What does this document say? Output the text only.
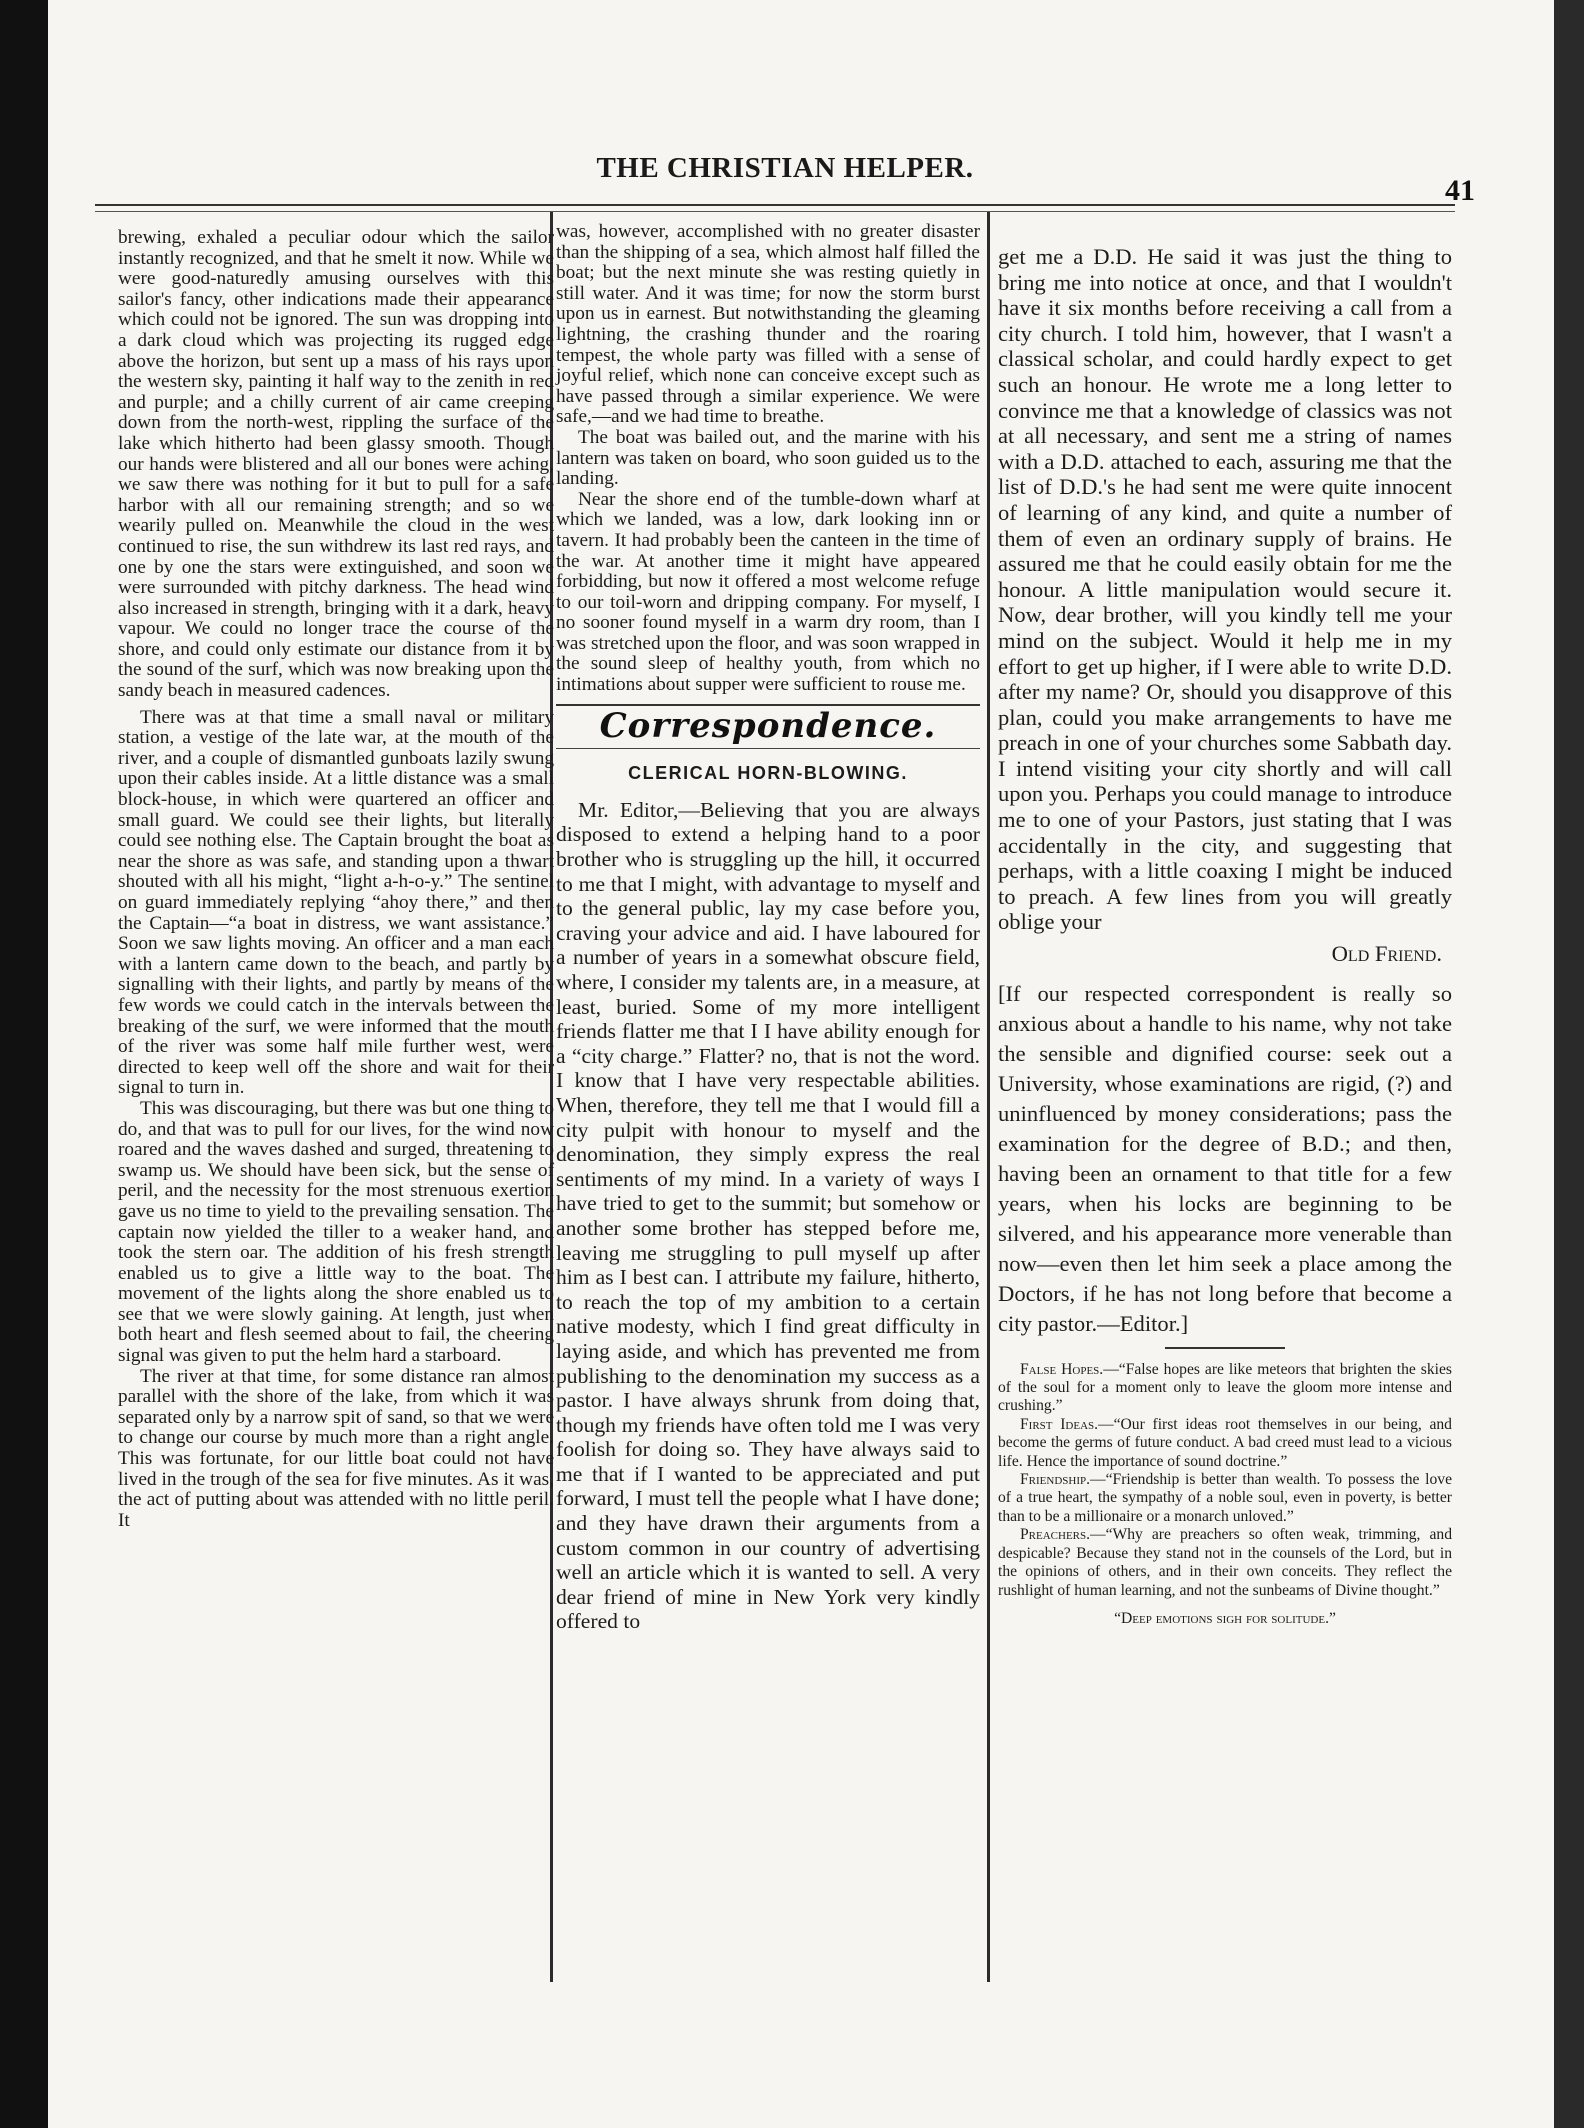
THE CHRISTIAN HELPER.
41

brewing, exhaled a peculiar odour which the sailor instantly recognized, and that he smelt it now. While we were good-naturedly amusing ourselves with this sailor's fancy, other indications made their appearance which could not be ignored. The sun was dropping into a dark cloud which was projecting its rugged edge above the horizon, but sent up a mass of his rays upon the western sky, painting it half way to the zenith in red and purple; and a chilly current of air came creeping down from the north-west, rippling the surface of the lake which hitherto had been glassy smooth. Though our hands were blistered and all our bones were aching, we saw there was nothing for it but to pull for a safe harbor with all our remaining strength; and so we wearily pulled on. Meanwhile the cloud in the west continued to rise, the sun withdrew its last red rays, and one by one the stars were extinguished, and soon we were surrounded with pitchy darkness. The head wind also increased in strength, bringing with it a dark, heavy vapour. We could no longer trace the course of the shore, and could only estimate our distance from it by the sound of the surf, which was now breaking upon the sandy beach in measured cadences.

There was at that time a small naval or military station, a vestige of the late war, at the mouth of the river, and a couple of dismantled gunboats lazily swung upon their cables inside. At a little distance was a small block-house, in which were quartered an officer and small guard. We could see their lights, but literally could see nothing else. The Captain brought the boat as near the shore as was safe, and standing upon a thwart shouted with all his might, “light a-h-o-y.” The sentinel on guard immediately replying “ahoy there,” and then the Captain—“a boat in distress, we want assistance.” Soon we saw lights moving. An officer and a man each with a lantern came down to the beach, and partly by signalling with their lights, and partly by means of the few words we could catch in the intervals between the breaking of the surf, we were informed that the mouth of the river was some half mile further west, were directed to keep well off the shore and wait for their signal to turn in.

This was discouraging, but there was but one thing to do, and that was to pull for our lives, for the wind now roared and the waves dashed and surged, threatening to swamp us. We should have been sick, but the sense of peril, and the necessity for the most strenuous exertion gave us no time to yield to the prevailing sensation. The captain now yielded the tiller to a weaker hand, and took the stern oar. The addition of his fresh strength enabled us to give a little way to the boat. The movement of the lights along the shore enabled us to see that we were slowly gaining. At length, just when both heart and flesh seemed about to fail, the cheering signal was given to put the helm hard a starboard.

The river at that time, for some distance ran almost parallel with the shore of the lake, from which it was separated only by a narrow spit of sand, so that we were to change our course by much more than a right angle. This was fortunate, for our little boat could not have lived in the trough of the sea for five minutes. As it was, the act of putting about was attended with no little peril. It

was, however, accomplished with no greater disaster than the shipping of a sea, which almost half filled the boat; but the next minute she was resting quietly in still water. And it was time; for now the storm burst upon us in earnest. But notwithstanding the gleaming lightning, the crashing thunder and the roaring tempest, the whole party was filled with a sense of joyful relief, which none can conceive except such as have passed through a similar experience. We were safe,—and we had time to breathe.

The boat was bailed out, and the marine with his lantern was taken on board, who soon guided us to the landing.

Near the shore end of the tumble-down wharf at which we landed, was a low, dark looking inn or tavern. It had probably been the canteen in the time of the war. At another time it might have appeared forbidding, but now it offered a most welcome refuge to our toil-worn and dripping company. For myself, I no sooner found myself in a warm dry room, than I was stretched upon the floor, and was soon wrapped in the sound sleep of healthy youth, from which no intimations about supper were sufficient to rouse me.

Correspondence.
CLERICAL HORN-BLOWING.

Mr. Editor,—Believing that you are always disposed to extend a helping hand to a poor brother who is struggling up the hill, it occurred to me that I might, with advantage to myself and to the general public, lay my case before you, craving your advice and aid. I have laboured for a number of years in a somewhat obscure field, where, I consider my talents are, in a measure, at least, buried. Some of my more intelligent friends flatter me that I I have ability enough for a “city charge.” Flatter? no, that is not the word. I know that I have very respectable abilities. When, therefore, they tell me that I would fill a city pulpit with honour to myself and the denomination, they simply express the real sentiments of my mind. In a variety of ways I have tried to get to the summit; but somehow or another some brother has stepped before me, leaving me struggling to pull myself up after him as I best can. I attribute my failure, hitherto, to reach the top of my ambition to a certain native modesty, which I find great difficulty in laying aside, and which has prevented me from publishing to the denomination my success as a pastor. I have always shrunk from doing that, though my friends have often told me I was very foolish for doing so. They have always said to me that if I wanted to be appreciated and put forward, I must tell the people what I have done; and they have drawn their arguments from a custom common in our country of advertising well an article which it is wanted to sell. A very dear friend of mine in New York very kindly offered to

get me a D.D. He said it was just the thing to bring me into notice at once, and that I wouldn't have it six months before receiving a call from a city church. I told him, however, that I wasn't a classical scholar, and could hardly expect to get such an honour. He wrote me a long letter to convince me that a knowledge of classics was not at all necessary, and sent me a string of names with a D.D. attached to each, assuring me that the list of D.D.'s he had sent me were quite innocent of learning of any kind, and quite a number of them of even an ordinary supply of brains. He assured me that he could easily obtain for me the honour. A little manipulation would secure it. Now, dear brother, will you kindly tell me your mind on the subject. Would it help me in my effort to get up higher, if I were able to write D.D. after my name? Or, should you disapprove of this plan, could you make arrangements to have me preach in one of your churches some Sabbath day. I intend visiting your city shortly and will call upon you. Perhaps you could manage to introduce me to one of your Pastors, just stating that I was accidentally in the city, and suggesting that perhaps, with a little coaxing I might be induced to preach. A few lines from you will greatly oblige your

Old Friend.

[If our respected correspondent is really so anxious about a handle to his name, why not take the sensible and dignified course: seek out a University, whose examinations are rigid, (?) and uninfluenced by money considerations; pass the examination for the degree of B.D.; and then, having been an ornament to that title for a few years, when his locks are beginning to be silvered, and his appearance more venerable than now—even then let him seek a place among the Doctors, if he has not long before that become a city pastor.—Editor.]

False Hopes.—“False hopes are like meteors that brighten the skies of the soul for a moment only to leave the gloom more intense and crushing.”

First Ideas.—“Our first ideas root themselves in our being, and become the germs of future conduct. A bad creed must lead to a vicious life. Hence the importance of sound doctrine.”

Friendship.—“Friendship is better than wealth. To possess the love of a true heart, the sympathy of a noble soul, even in poverty, is better than to be a millionaire or a monarch unloved.”

Preachers.—“Why are preachers so often weak, trimming, and despicable? Because they stand not in the counsels of the Lord, but in the opinions of others, and in their own conceits. They reflect the rushlight of human learning, and not the sunbeams of Divine thought.”

“Deep emotions sigh for solitude.”
